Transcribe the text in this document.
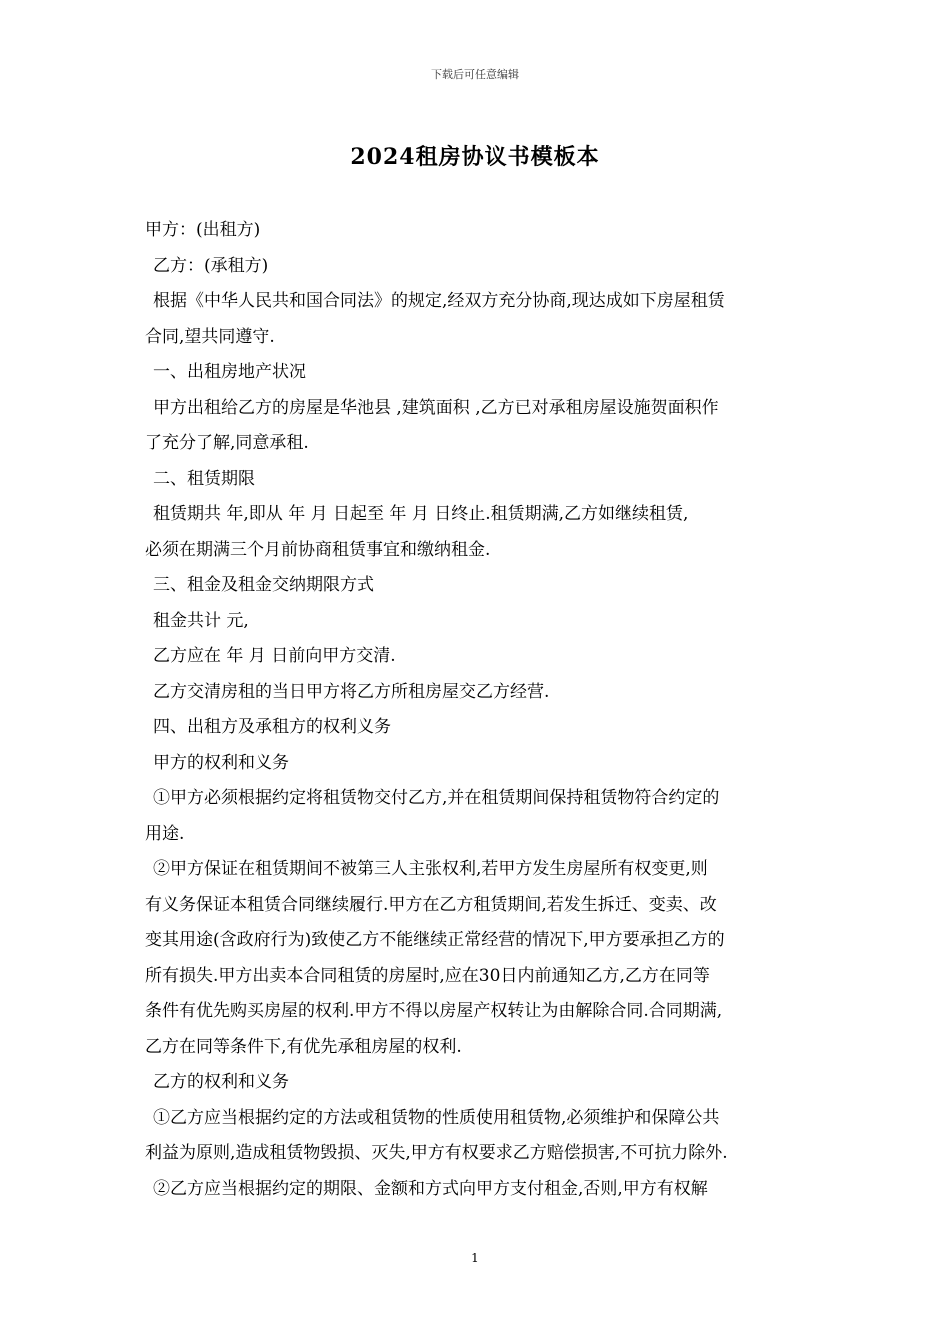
下载后可任意编辑
2024租房协议书模板本
甲方：(出租方)
乙方：(承租方)
根据《中华人民共和国合同法》的规定,经双方充分协商,现达成如下房屋租赁
合同,望共同遵守.
一、出租房地产状况
甲方出租给乙方的房屋是华池县 ,建筑面积 ,乙方已对承租房屋设施贺面积作
了充分了解,同意承租.
二、租赁期限
租赁期共 年,即从 年 月 日起至 年 月 日终止.租赁期满,乙方如继续租赁,
必须在期满三个月前协商租赁事宜和缴纳租金.
三、租金及租金交纳期限方式
租金共计 元,
乙方应在 年 月 日前向甲方交清.
乙方交清房租的当日甲方将乙方所租房屋交乙方经营.
四、出租方及承租方的权利义务
甲方的权利和义务
①甲方必须根据约定将租赁物交付乙方,并在租赁期间保持租赁物符合约定的
用途.
②甲方保证在租赁期间不被第三人主张权利,若甲方发生房屋所有权变更,则
有义务保证本租赁合同继续履行.甲方在乙方租赁期间,若发生拆迁、变卖、改
变其用途(含政府行为)致使乙方不能继续正常经营的情况下,甲方要承担乙方的
所有损失.甲方出卖本合同租赁的房屋时,应在30日内前通知乙方,乙方在同等
条件有优先购买房屋的权利.甲方不得以房屋产权转让为由解除合同.合同期满,
乙方在同等条件下,有优先承租房屋的权利.
乙方的权利和义务
①乙方应当根据约定的方法或租赁物的性质使用租赁物,必须维护和保障公共
利益为原则,造成租赁物毁损、灭失,甲方有权要求乙方赔偿损害,不可抗力除外.
②乙方应当根据约定的期限、金额和方式向甲方支付租金,否则,甲方有权解
1
